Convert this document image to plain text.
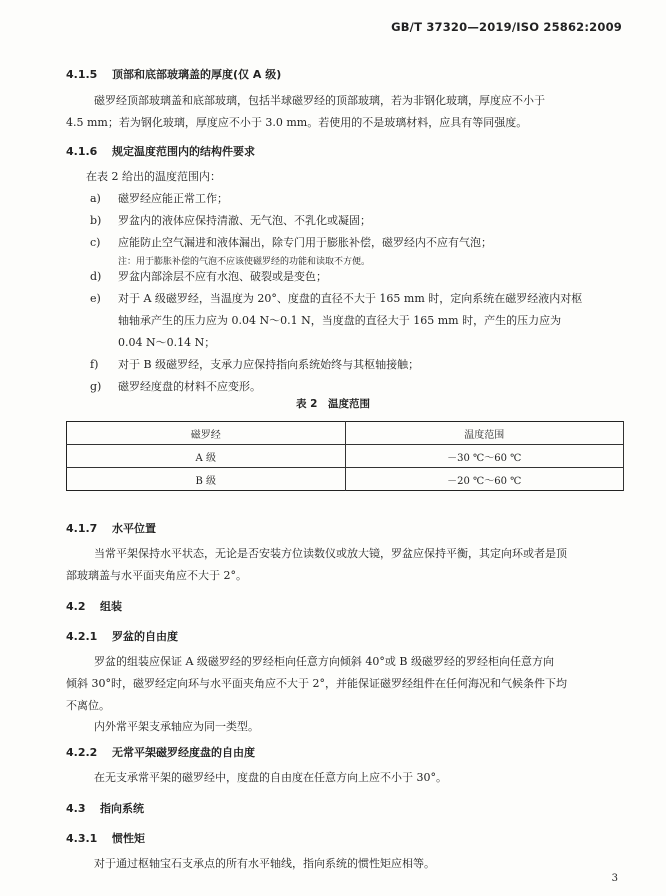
GB/T 37320—2019/ISO 25862:2009
4.1.5 顶部和底部玻璃盖的厚度(仅 A 级)
磁罗经顶部玻璃盖和底部玻璃，包括半球磁罗经的顶部玻璃，若为非钢化玻璃，厚度应不小于
4.5 mm；若为钢化玻璃，厚度应不小于 3.0 mm。若使用的不是玻璃材料，应具有等同强度。
4.1.6 规定温度范围内的结构件要求
在表 2 给出的温度范围内：
a) 磁罗经应能正常工作；
b) 罗盆内的液体应保持清澈、无气泡、不乳化或凝固；
c) 应能防止空气漏进和液体漏出，除专门用于膨胀补偿，磁罗经内不应有气泡；
注：用于膨胀补偿的气泡不应该使磁罗经的功能和读取不方便。
d) 罗盆内部涂层不应有水泡、破裂或是变色；
e) 对于 A 级磁罗经，当温度为 20°、度盘的直径不大于 165 mm 时，定向系统在磁罗经液内对枢
轴轴承产生的压力应为 0.04 N～0.1 N，当度盘的直径大于 165 mm 时，产生的压力应为
0.04 N～0.14 N；
f) 对于 B 级磁罗经，支承力应保持指向系统始终与其枢轴接触；
g) 磁罗经度盘的材料不应变形。
表 2　温度范围
磁罗经	温度范围
A 级	－30 ℃～60 ℃
B 级	－20 ℃～60 ℃
4.1.7 水平位置
当常平架保持水平状态，无论是否安装方位读数仪或放大镜，罗盆应保持平衡，其定向环或者是顶
部玻璃盖与水平面夹角应不大于 2°。
4.2 组装
4.2.1 罗盆的自由度
罗盆的组装应保证 A 级磁罗经的罗经柜向任意方向倾斜 40°或 B 级磁罗经的罗经柜向任意方向
倾斜 30°时，磁罗经定向环与水平面夹角应不大于 2°，并能保证磁罗经组件在任何海况和气候条件下均
不离位。
内外常平架支承轴应为同一类型。
4.2.2 无常平架磁罗经度盘的自由度
在无支承常平架的磁罗经中，度盘的自由度在任意方向上应不小于 30°。
4.3 指向系统
4.3.1 惯性矩
对于通过枢轴宝石支承点的所有水平轴线，指向系统的惯性矩应相等。
3
